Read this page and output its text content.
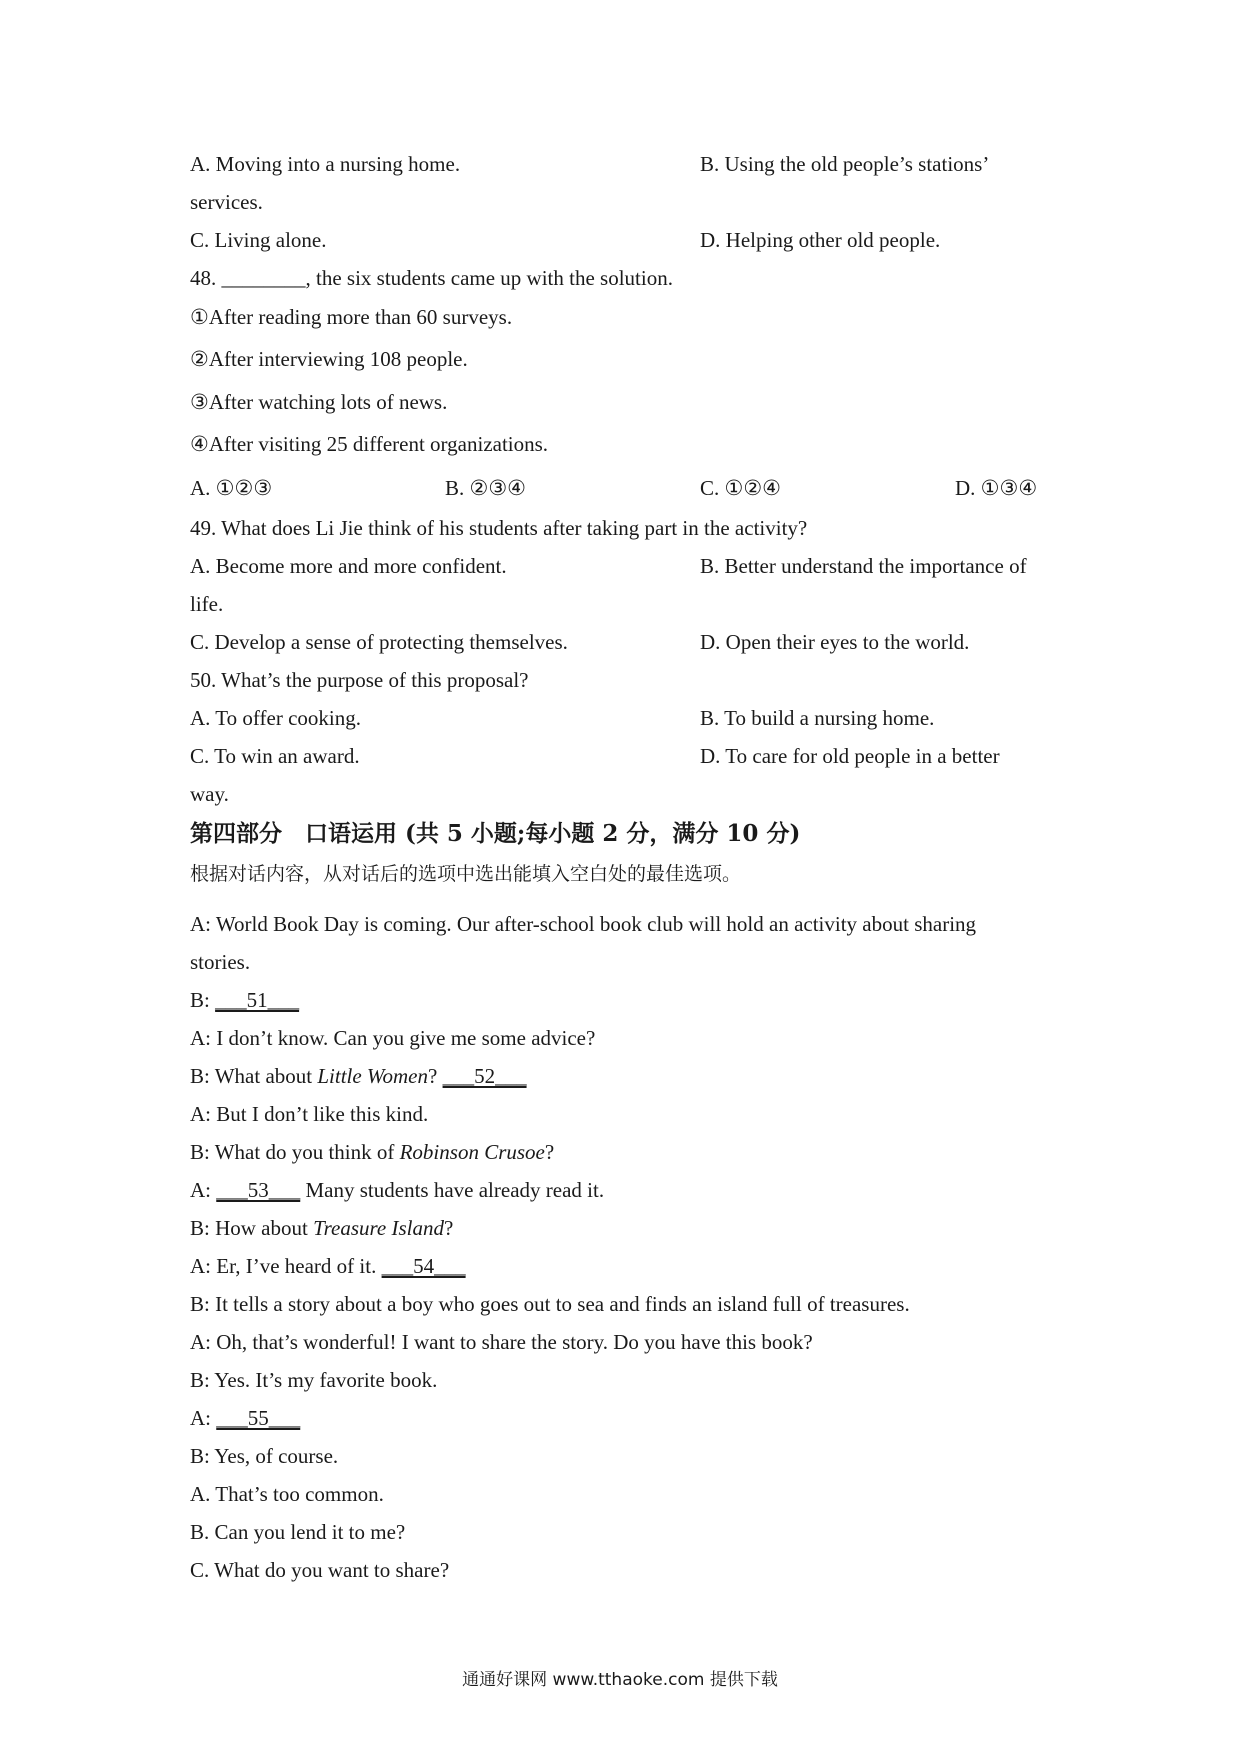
A. Moving into a nursing home.	B. Using the old people’s stations’
services.
C. Living alone.	D. Helping other old people.
48. ________, the six students came up with the solution.
①After reading more than 60 surveys.
②After interviewing 108 people.
③After watching lots of news.
④After visiting 25 different organizations.
A. ①②③	B. ②③④	C. ①②④	D. ①③④
49. What does Li Jie think of his students after taking part in the activity?
A. Become more and more confident.	B. Better understand the importance of
life.
C. Develop a sense of protecting themselves.	D. Open their eyes to the world.
50. What’s the purpose of this proposal?
A. To offer cooking.	B. To build a nursing home.
C. To win an award.	D. To care for old people in a better
way.
第四部分　口语运用 (共 5 小题;每小题 2 分，满分 10 分)
根据对话内容，从对话后的选项中选出能填入空白处的最佳选项。
A: World Book Day is coming. Our after-school book club will hold an activity about sharing
stories.
B: ___51___
A: I don’t know. Can you give me some advice?
B: What about Little Women? ___52___
A: But I don’t like this kind.
B: What do you think of Robinson Crusoe?
A: ___53___ Many students have already read it.
B: How about Treasure Island?
A: Er, I’ve heard of it. ___54___
B: It tells a story about a boy who goes out to sea and finds an island full of treasures.
A: Oh, that’s wonderful! I want to share the story. Do you have this book?
B: Yes. It’s my favorite book.
A: ___55___
B: Yes, of course.
A. That’s too common.
B. Can you lend it to me?
C. What do you want to share?
通通好课网 www.tthaoke.com 提供下载
